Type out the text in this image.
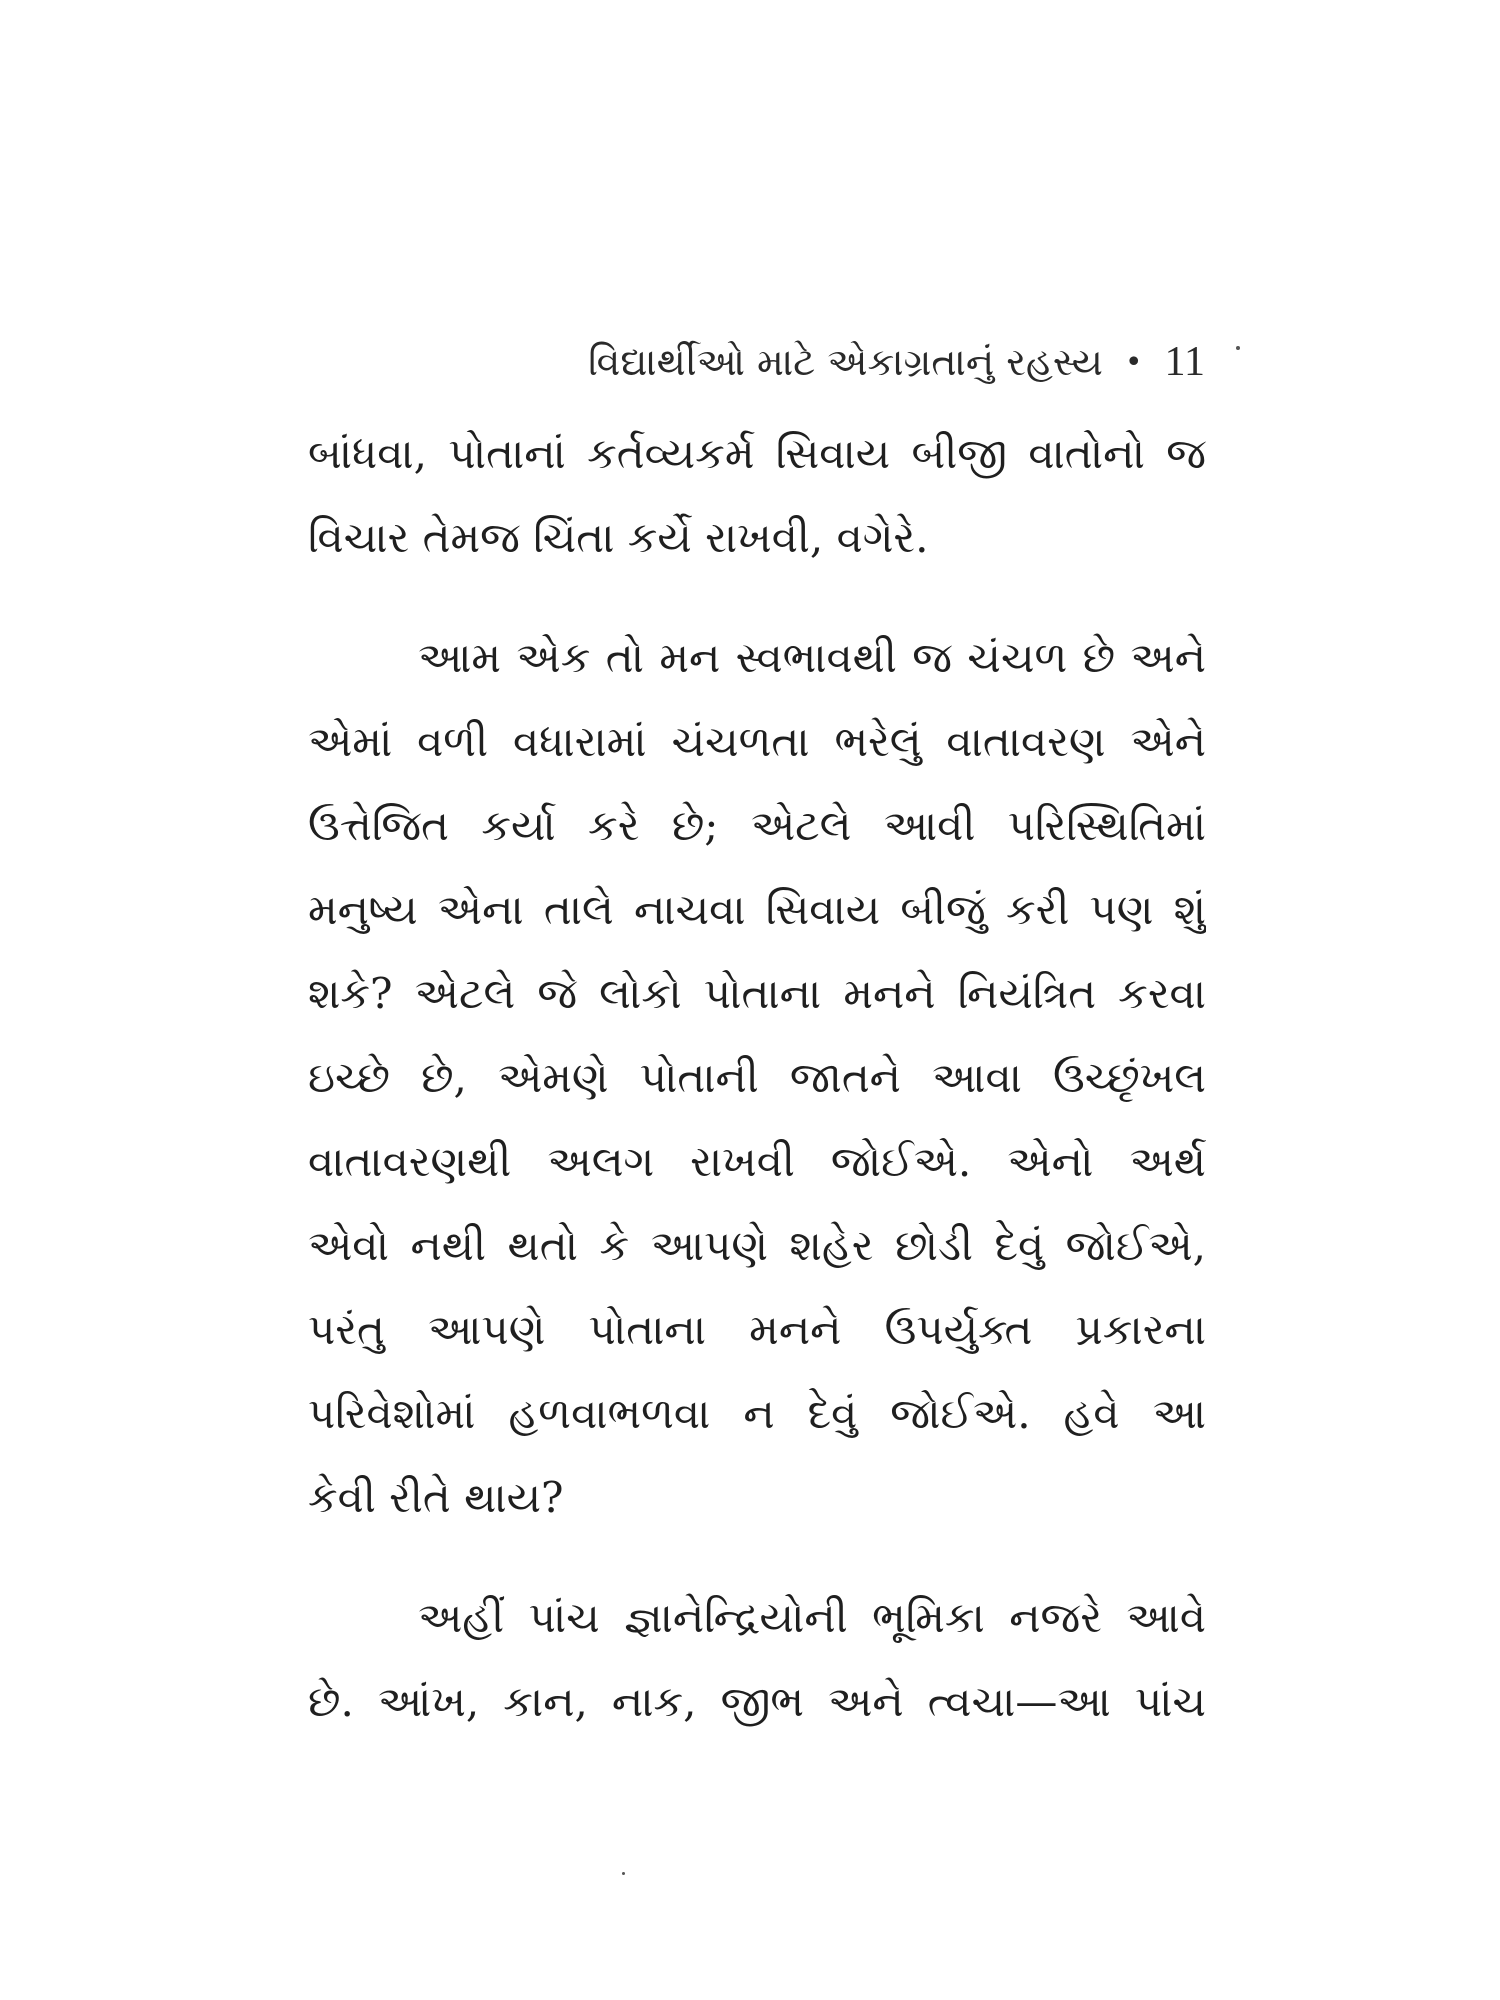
વિદ્યાર્થીઓ માટે એકાગ્રતાનું રહસ્ય • 11

બાંધવા, પોતાનાં કર્તવ્યકર્મ સિવાય બીજી વાતોનો જ
વિચાર તેમજ ચિંતા કર્યે રાખવી, વગેરે.

આમ એક તો મન સ્વભાવથી જ ચંચળ છે અને
એમાં વળી વધારામાં ચંચળતા ભરેલું વાતાવરણ એને
ઉત્તેજિત કર્યા કરે છે; એટલે આવી પરિસ્થિતિમાં
મનુષ્ય એના તાલે નાચવા સિવાય બીજું કરી પણ શું
શકે? એટલે જે લોકો પોતાના મનને નિયંત્રિત કરવા
ઇચ્છે છે, એમણે પોતાની જાતને આવા ઉચ્છૃંખલ
વાતાવરણથી અલગ રાખવી જોઈએ. એનો અર્થ
એવો નથી થતો કે આપણે શહેર છોડી દેવું જોઈએ,
પરંતુ આપણે પોતાના મનને ઉપર્યુક્ત પ્રકારના
પરિવેશોમાં હળવાભળવા ન દેવું જોઈએ. હવે આ
કેવી રીતે થાય?

અહીં પાંચ જ્ઞાનેન્દ્રિયોની ભૂમિકા નજરે આવે
છે. આંખ, કાન, નાક, જીભ અને ત્વચા—આ પાંચ
